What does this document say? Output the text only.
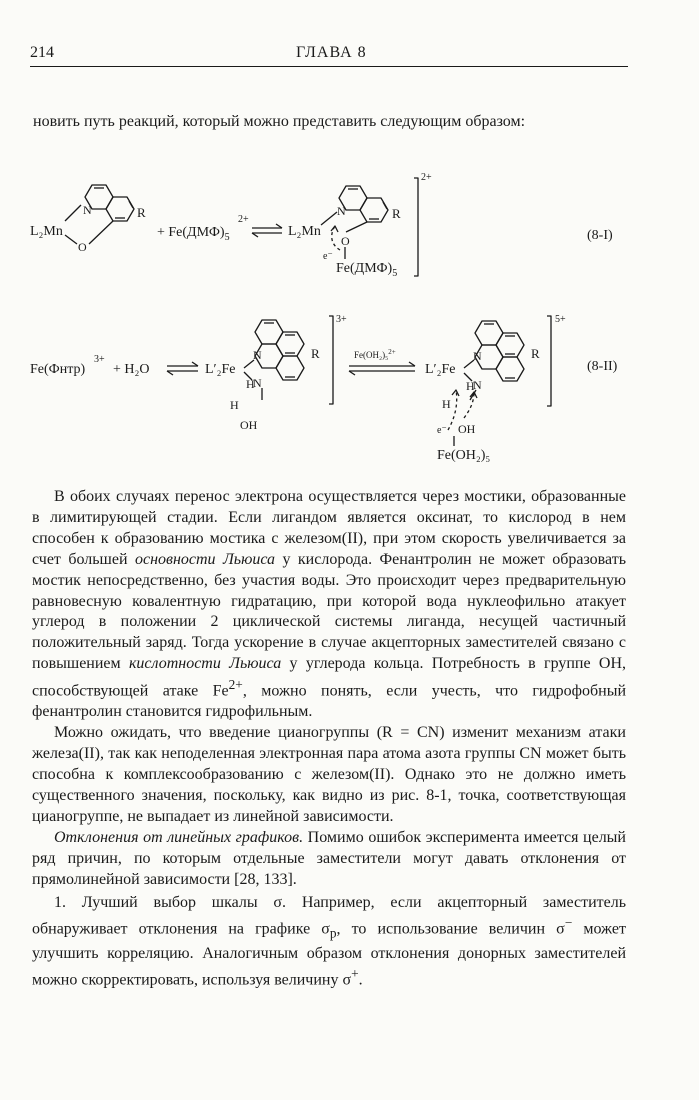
214	ГЛАВА 8
новить путь реакций, который можно представить следующим образом:
L₂Mn
N
O
R
+ $Fe(ДМФ)_5$
2+
L₂Mn
N
O
R
e⁻
$Fe(ДМФ)_5$
2+
(8-I)
Fe(Фнтр)
3+
+ H₂O	L′₂Fe
N
N
H
H
OH
R
3+
Fe(OH₂)₅$^{2+}$
L′₂Fe
N
N
H
H
R
e⁻ OH
Fe(OH₂)₅
5+
(8-II)

В обоих случаях перенос электрона осуществляется через мостики, образованные в лимитирующей стадии. Если лигандом является оксинат, то кислород в нем способен к образованию мостика с железом(II), при этом скорость увеличивается за счет большей основности Льюиса у кислорода. Фенантролин не может образовать мостик непосредственно, без участия воды. Это происходит через предварительную равновесную ковалентную гидратацию, при которой вода нуклеофильно атакует углерод в положении 2 циклической системы лиганда, несущей частичный положительный заряд. Тогда ускорение в случае акцепторных заместителей связано с повышением кислотности Льюиса у углерода кольца. Потребность в группе OH, способствующей атаке $Fe^{2+}$, можно понять, если учесть, что гидрофобный фенантролин становится гидрофильным.

Можно ожидать, что введение цианогруппы (R = CN) изменит механизм атаки железа(II), так как неподеленная электронная пара атома азота группы CN может быть способна к комплексообразованию с железом(II). Однако это не должно иметь существенного значения, поскольку, как видно из рис. 8-1, точка, соответствующая цианогруппе, не выпадает из линейной зависимости.

Отклонения от линейных графиков. Помимо ошибок эксперимента имеется целый ряд причин, по которым отдельные заместители могут давать отклонения от прямолинейной зависимости [28, 133].

1. Лучший выбор шкалы σ. Например, если акцепторный заместитель обнаруживает отклонения на графике $\sigma_p$, то использование величин σ− может улучшить корреляцию. Аналогичным образом отклонения донорных заместителей можно скорректировать, используя величину σ+.
